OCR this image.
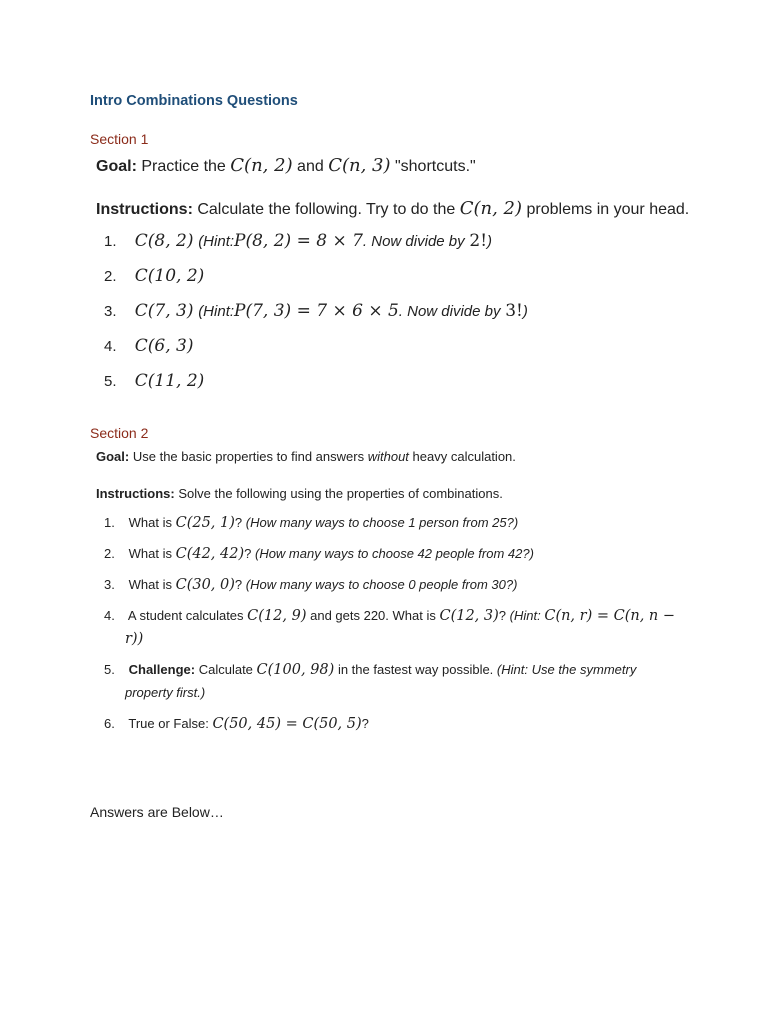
Intro Combinations Questions
Section 1
Goal: Practice the C(n, 2) and C(n, 3) "shortcuts."
Instructions: Calculate the following. Try to do the C(n, 2) problems in your head.
1. C(8, 2) (Hint:P(8, 2) = 8 × 7. Now divide by 2!)
2. C(10, 2)
3. C(7, 3) (Hint:P(7, 3) = 7 × 6 × 5. Now divide by 3!)
4. C(6, 3)
5. C(11, 2)
Section 2
Goal: Use the basic properties to find answers without heavy calculation.
Instructions: Solve the following using the properties of combinations.
1. What is C(25, 1)? (How many ways to choose 1 person from 25?)
2. What is C(42, 42)? (How many ways to choose 42 people from 42?)
3. What is C(30, 0)? (How many ways to choose 0 people from 30?)
4. A student calculates C(12, 9) and gets 220. What is C(12, 3)? (Hint: C(n, r) = C(n, n −
r))
5. Challenge: Calculate C(100, 98) in the fastest way possible. (Hint: Use the symmetry
property first.)
6. True or False: C(50, 45) = C(50, 5)?
Answers are Below…
